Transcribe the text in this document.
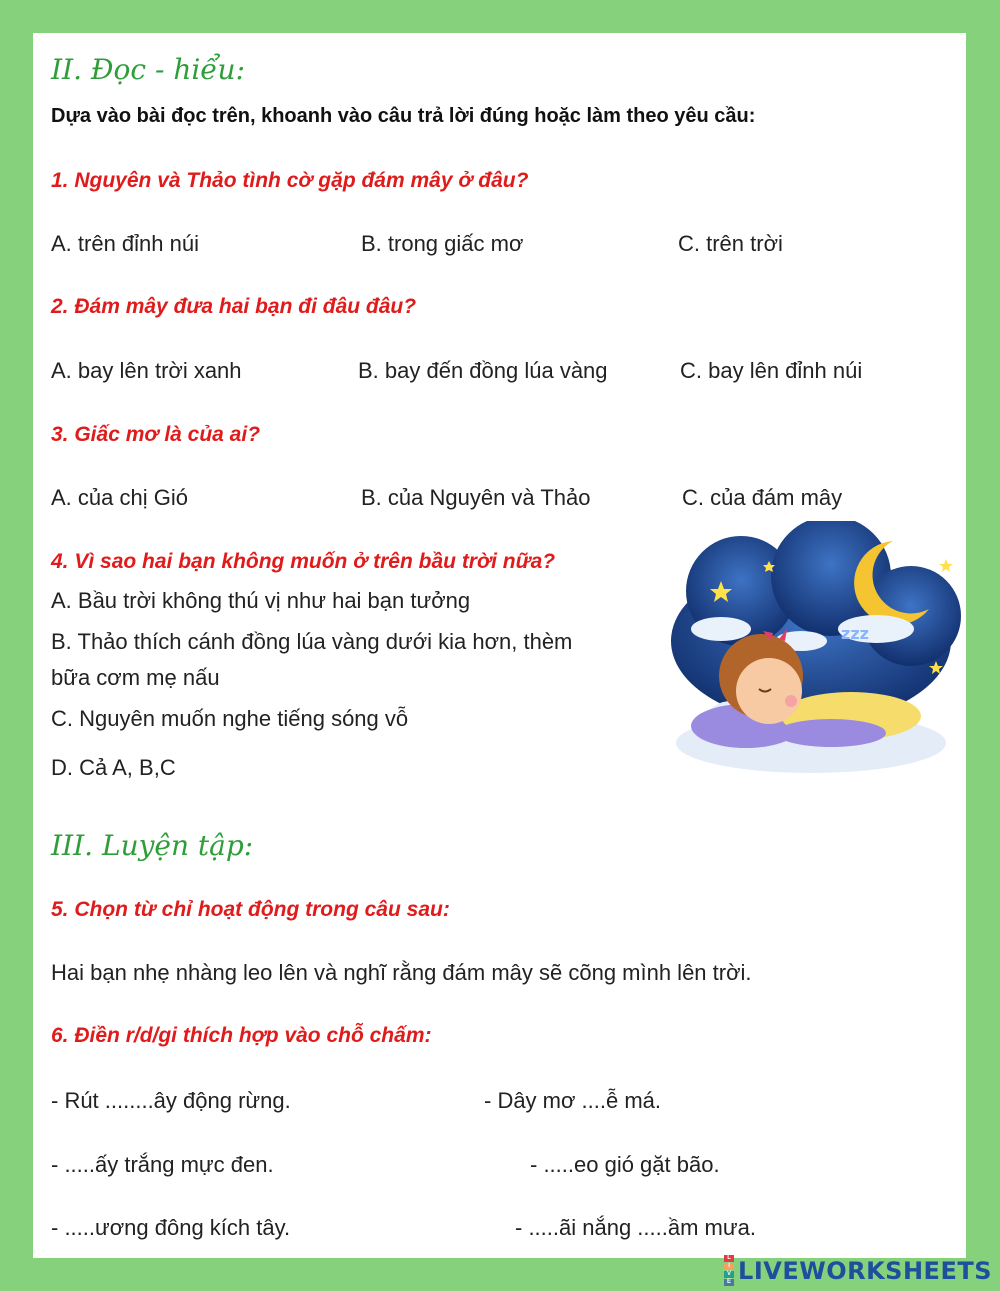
II. Đọc - hiểu:
Dựa vào bài đọc trên, khoanh vào câu trả lời đúng hoặc làm theo yêu cầu:
1. Nguyên và Thảo tình cờ gặp đám mây ở đâu?
A. trên đỉnh núi	B. trong giấc mơ	C. trên trời
2. Đám mây đưa hai bạn đi đâu đâu?
A. bay lên trời xanh	B. bay đến đồng lúa vàng	C. bay lên đỉnh núi
3. Giấc mơ là của ai?
A. của chị Gió	B. của Nguyên và Thảo	C. của đám mây
4. Vì sao hai bạn không muốn ở trên bầu trời nữa?
A. Bầu trời không thú vị như hai bạn tưởng
B. Thảo thích cánh đồng lúa vàng dưới kia hơn, thèm
bữa cơm mẹ nấu
C. Nguyên muốn nghe tiếng sóng vỗ
D. Cả A, B,C
zzz
III. Luyện tập:
5. Chọn từ chỉ hoạt động trong câu sau:
Hai bạn nhẹ nhàng leo lên và nghĩ rằng đám mây sẽ cõng mình lên trời.
6. Điền r/d/gi thích hợp vào chỗ chấm:
- Rút ........ây động rừng.	- Dây mơ ....ễ má.
- .....ấy trắng mực đen.	- .....eo gió gặt bão.
- .....ương đông kích tây.	- .....ãi nắng .....ầm mưa.
L
I
V
E LIVEWORKSHEETS
